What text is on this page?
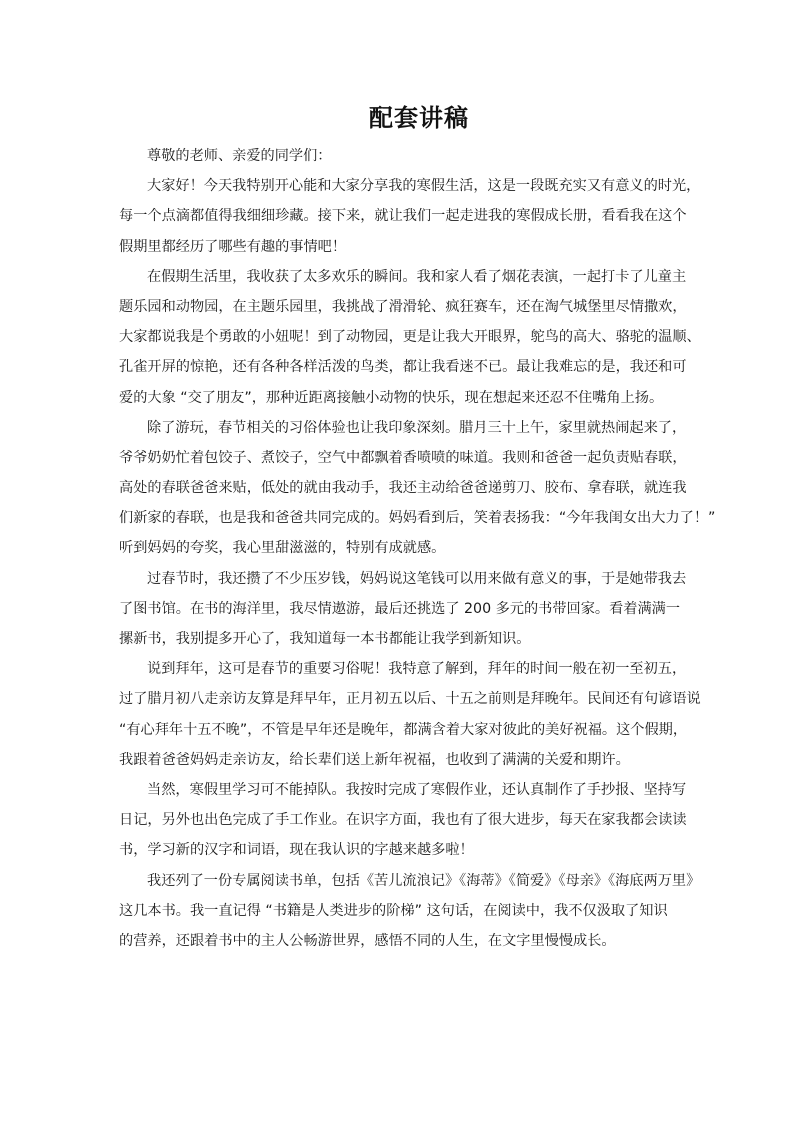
配套讲稿
尊敬的老师、亲爱的同学们：
大家好！今天我特别开心能和大家分享我的寒假生活，这是一段既充实又有意义的时光，
每一个点滴都值得我细细珍藏。接下来，就让我们一起走进我的寒假成长册，看看我在这个
假期里都经历了哪些有趣的事情吧！
在假期生活里，我收获了太多欢乐的瞬间。我和家人看了烟花表演，一起打卡了儿童主
题乐园和动物园，在主题乐园里，我挑战了滑滑轮、疯狂赛车，还在淘气城堡里尽情撒欢，
大家都说我是个勇敢的小妞呢！到了动物园，更是让我大开眼界，鸵鸟的高大、骆驼的温顺、
孔雀开屏的惊艳，还有各种各样活泼的鸟类，都让我看迷不已。最让我难忘的是，我还和可
爱的大象 “交了朋友”，那种近距离接触小动物的快乐，现在想起来还忍不住嘴角上扬。
除了游玩，春节相关的习俗体验也让我印象深刻。腊月三十上午，家里就热闹起来了，
爷爷奶奶忙着包饺子、煮饺子，空气中都飘着香喷喷的味道。我则和爸爸一起负责贴春联，
高处的春联爸爸来贴，低处的就由我动手，我还主动给爸爸递剪刀、胶布、拿春联，就连我
们新家的春联，也是我和爸爸共同完成的。妈妈看到后，笑着表扬我：“今年我闺女出大力了！”
听到妈妈的夸奖，我心里甜滋滋的，特别有成就感。
过春节时，我还攒了不少压岁钱，妈妈说这笔钱可以用来做有意义的事，于是她带我去
了图书馆。在书的海洋里，我尽情遨游，最后还挑选了 200 多元的书带回家。看着满满一
摞新书，我别提多开心了，我知道每一本书都能让我学到新知识。
说到拜年，这可是春节的重要习俗呢！我特意了解到，拜年的时间一般在初一至初五，
过了腊月初八走亲访友算是拜早年，正月初五以后、十五之前则是拜晚年。民间还有句谚语说
“有心拜年十五不晚”，不管是早年还是晚年，都满含着大家对彼此的美好祝福。这个假期，
我跟着爸爸妈妈走亲访友，给长辈们送上新年祝福，也收到了满满的关爱和期许。
当然，寒假里学习可不能掉队。我按时完成了寒假作业，还认真制作了手抄报、坚持写
日记，另外也出色完成了手工作业。在识字方面，我也有了很大进步，每天在家我都会读读
书，学习新的汉字和词语，现在我认识的字越来越多啦！
我还列了一份专属阅读书单，包括《苦儿流浪记》《海蒂》《简爱》《母亲》《海底两万里》
这几本书。我一直记得 “书籍是人类进步的阶梯” 这句话，在阅读中，我不仅汲取了知识
的营养，还跟着书中的主人公畅游世界，感悟不同的人生，在文字里慢慢成长。
